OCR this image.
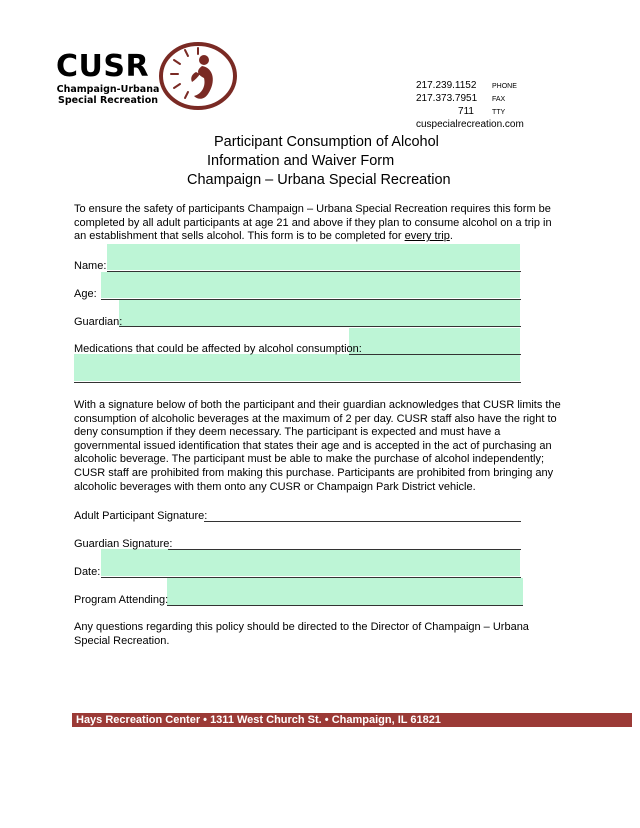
CUSR
Champaign-Urbana
Special Recreation
217.239.1152	PHONE
217.373.7951	FAX
711	TTY
cuspecialrecreation.com
Participant Consumption of Alcohol
Information and Waiver Form
Champaign – Urbana Special Recreation
To ensure the safety of participants Champaign – Urbana Special Recreation requires this form be completed by all adult participants at age 21 and above if they plan to consume alcohol on a trip in an establishment that sells alcohol. This form is to be completed for every trip.
Name:
Age:
Guardian:
Medications that could be affected by alcohol consumption:
With a signature below of both the participant and their guardian acknowledges that CUSR limits the consumption of alcoholic beverages at the maximum of 2 per day. CUSR staff also have the right to deny consumption if they deem necessary. The participant is expected and must have a governmental issued identification that states their age and is accepted in the act of purchasing an alcoholic beverage. The participant must be able to make the purchase of alcohol independently; CUSR staff are prohibited from making this purchase. Participants are prohibited from bringing any alcoholic beverages with them onto any CUSR or Champaign Park District vehicle.
Adult Participant Signature:
Guardian Signature:
Date:
Program Attending:
Any questions regarding this policy should be directed to the Director of Champaign – Urbana Special Recreation.
Hays Recreation Center • 1311 West Church St. • Champaign, IL 61821
